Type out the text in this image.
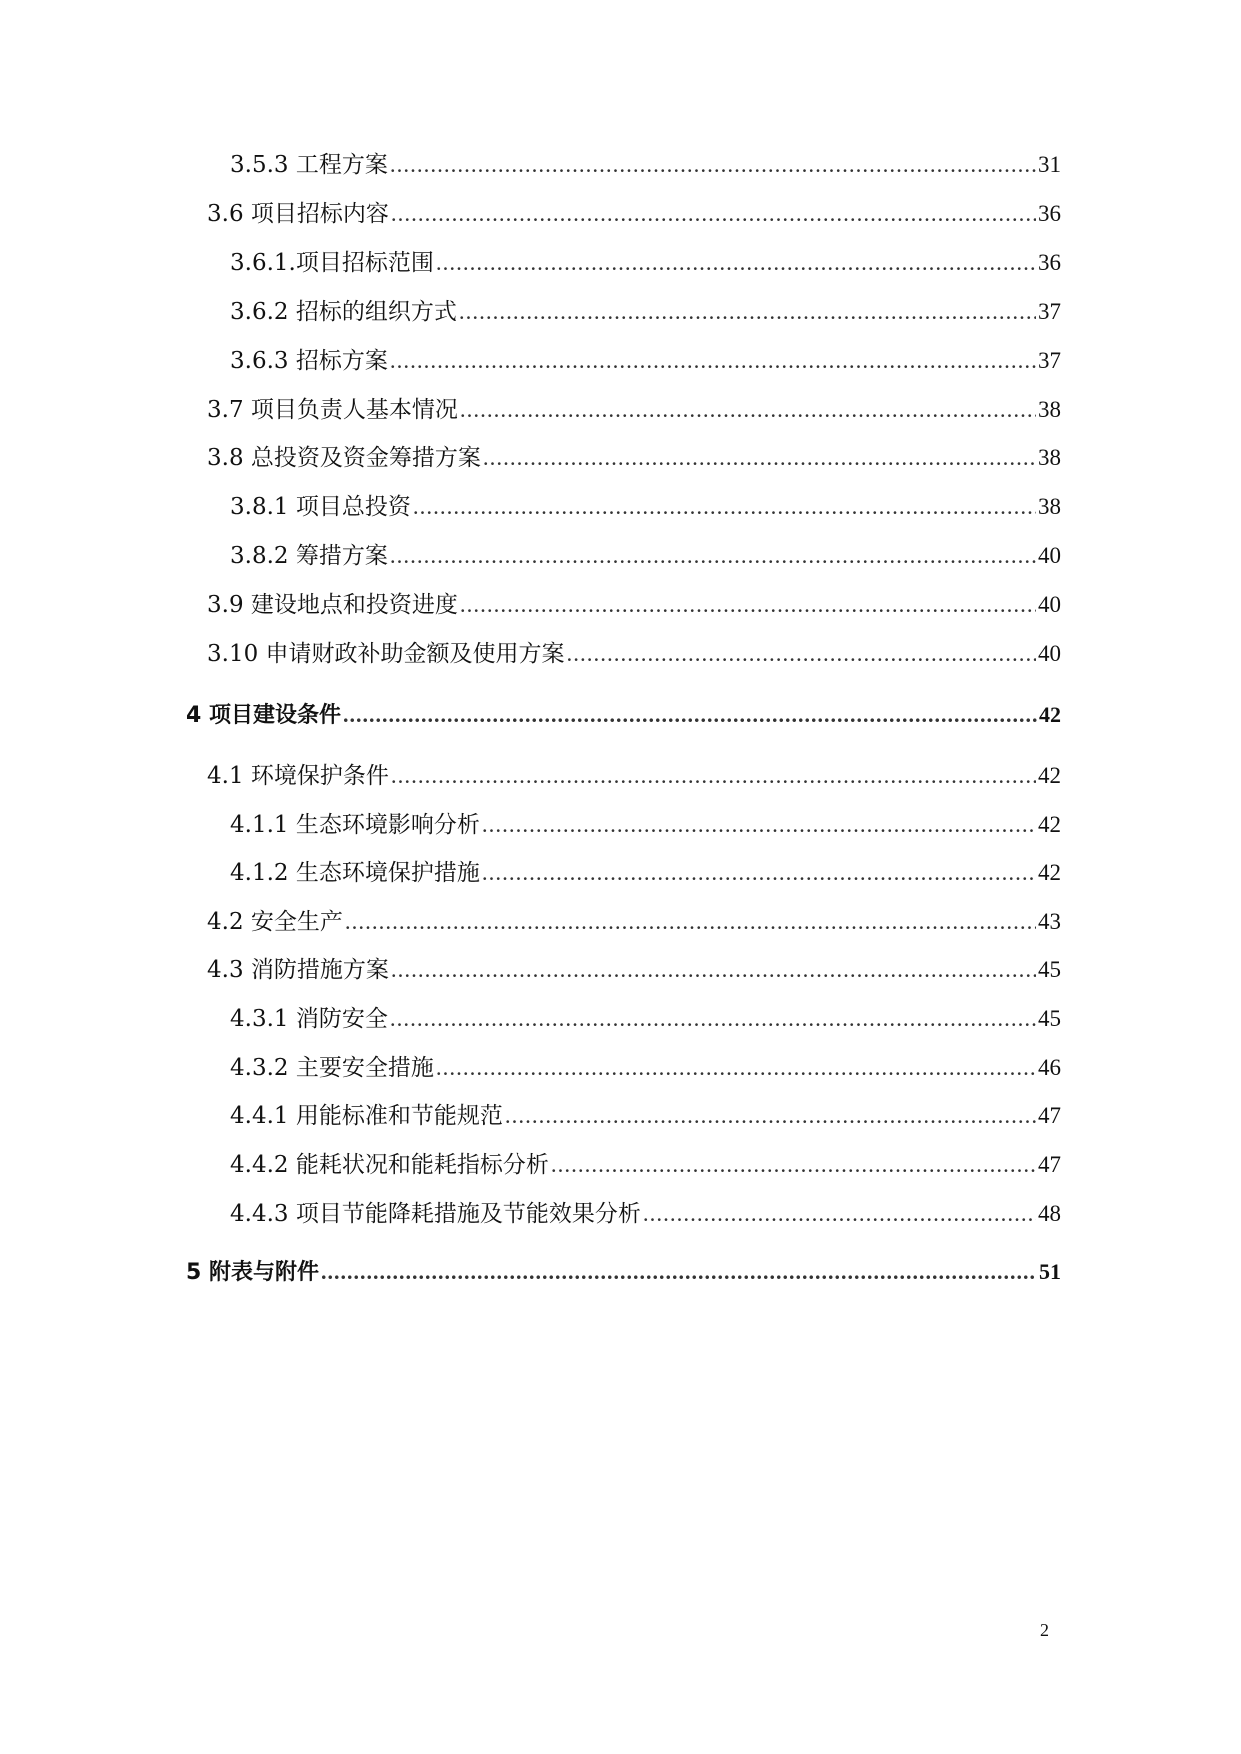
3.5.3 工程方案 .....	31
3.6 项目招标内容 .....	36
3.6.1.项目招标范围 .....	36
3.6.2 招标的组织方式 .....	37
3.6.3 招标方案 .....	37
3.7 项目负责人基本情况 .....	38
3.8 总投资及资金筹措方案 .....	38
3.8.1 项目总投资 .....	38
3.8.2 筹措方案 .....	40
3.9 建设地点和投资进度 .....	40
3.10 申请财政补助金额及使用方案 .....	40
4 项目建设条件 .....	42
4.1 环境保护条件 .....	42
4.1.1 生态环境影响分析 .....	42
4.1.2 生态环境保护措施 .....	42
4.2 安全生产 .....	43
4.3 消防措施方案 .....	45
4.3.1 消防安全 .....	45
4.3.2 主要安全措施 .....	46
4.4.1 用能标准和节能规范 .....	47
4.4.2 能耗状况和能耗指标分析 .....	47
4.4.3 项目节能降耗措施及节能效果分析 .....	48
5 附表与附件 .....	51
2
